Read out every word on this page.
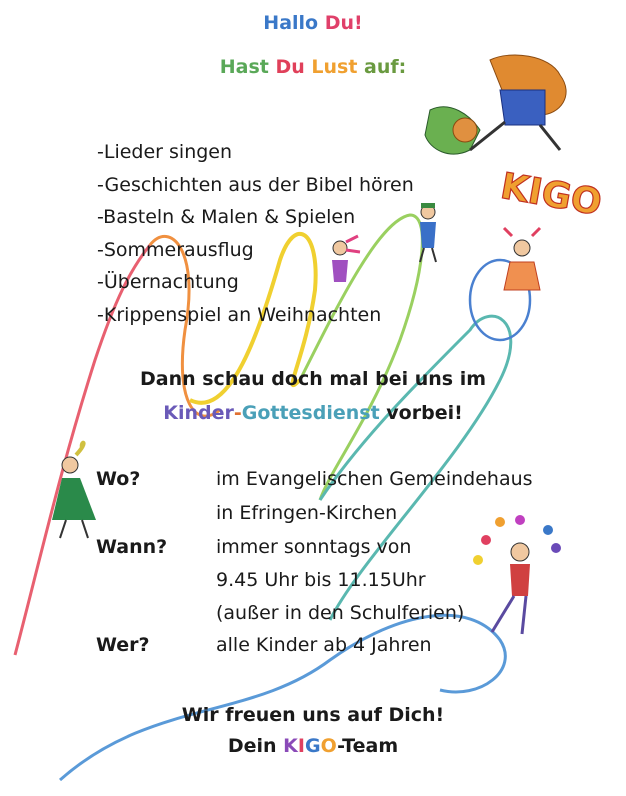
KIGO
Hallo Du!
Hast Du Lust auf:
-Lieder singen
-Geschichten aus der Bibel hören
-Basteln & Malen & Spielen
-Sommerausflug
-Übernachtung
-Krippenspiel an Weihnachten
Dann schau doch mal bei uns im
Kinder-Gottesdienst vorbei!
Wo?	im Evangelischen Gemeindehaus
in Efringen-Kirchen
Wann?	immer sonntags von
9.45 Uhr bis 11.15Uhr
(außer in den Schulferien)
Wer?	alle Kinder ab 4 Jahren
Wir freuen uns auf Dich!
Dein KIGO-Team
